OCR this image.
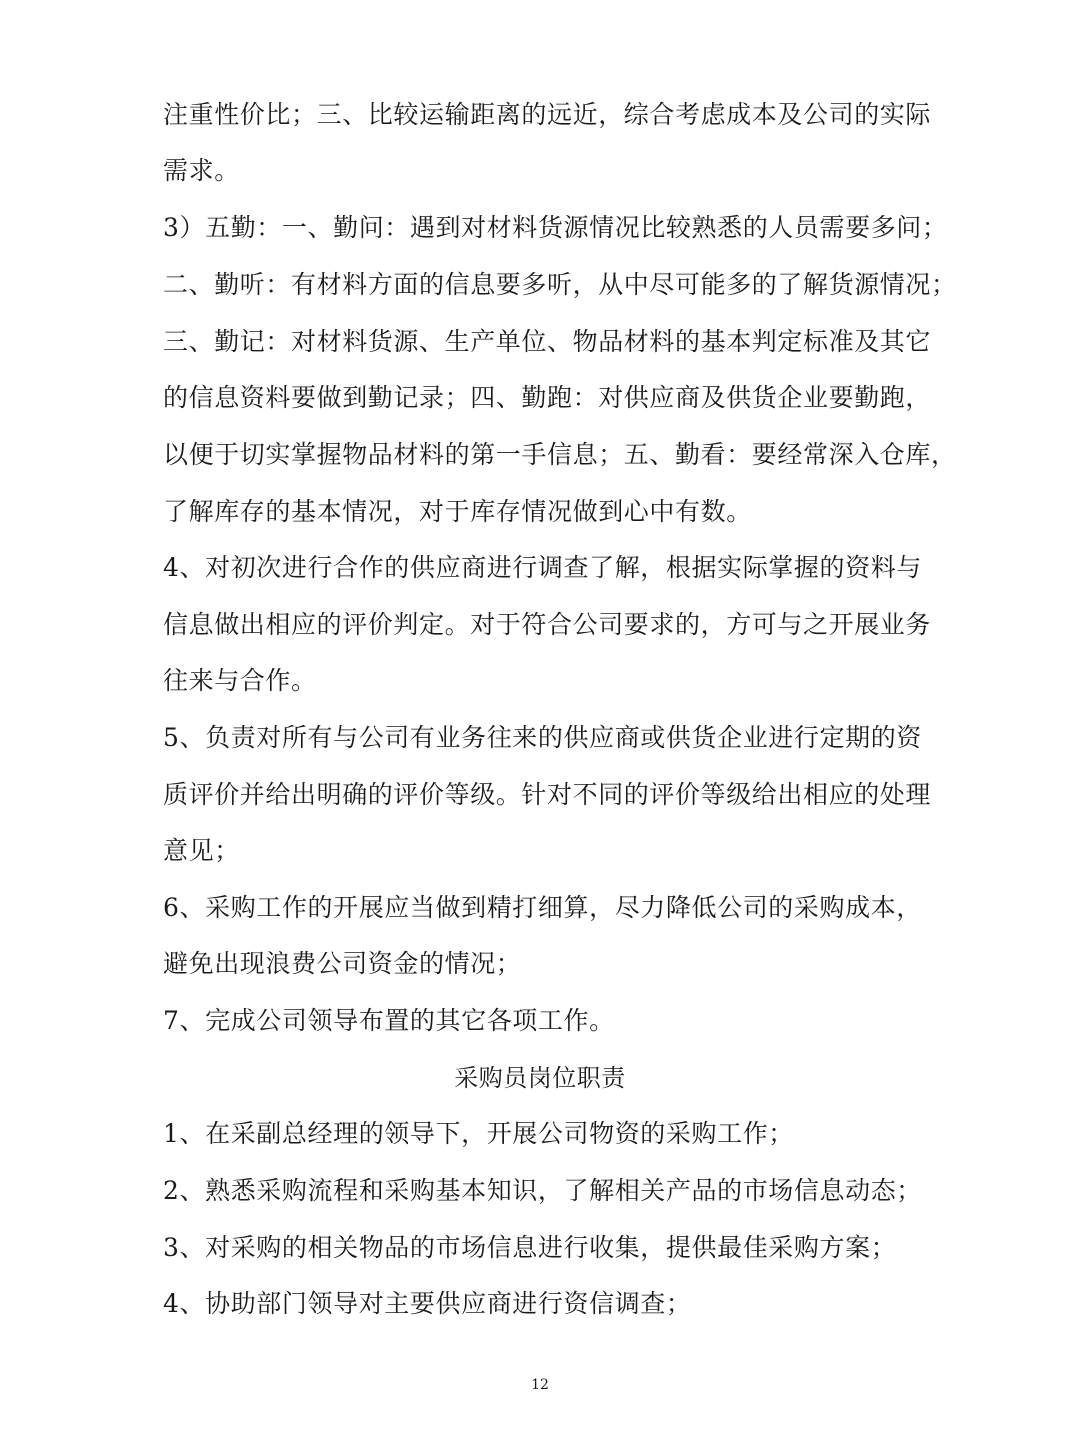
注重性价比；三、比较运输距离的远近，综合考虑成本及公司的实际
需求。
3）五勤：一、勤问：遇到对材料货源情况比较熟悉的人员需要多问；
二、勤听：有材料方面的信息要多听，从中尽可能多的了解货源情况；
三、勤记：对材料货源、生产单位、物品材料的基本判定标准及其它
的信息资料要做到勤记录；四、勤跑：对供应商及供货企业要勤跑，
以便于切实掌握物品材料的第一手信息；五、勤看：要经常深入仓库，
了解库存的基本情况，对于库存情况做到心中有数。
4、对初次进行合作的供应商进行调查了解，根据实际掌握的资料与
信息做出相应的评价判定。对于符合公司要求的，方可与之开展业务
往来与合作。
5、负责对所有与公司有业务往来的供应商或供货企业进行定期的资
质评价并给出明确的评价等级。针对不同的评价等级给出相应的处理
意见；
6、采购工作的开展应当做到精打细算，尽力降低公司的采购成本，
避免出现浪费公司资金的情况；
7、完成公司领导布置的其它各项工作。
采购员岗位职责
1、在采副总经理的领导下，开展公司物资的采购工作；
2、熟悉采购流程和采购基本知识，了解相关产品的市场信息动态；
3、对采购的相关物品的市场信息进行收集，提供最佳采购方案；
4、协助部门领导对主要供应商进行资信调查；
12
